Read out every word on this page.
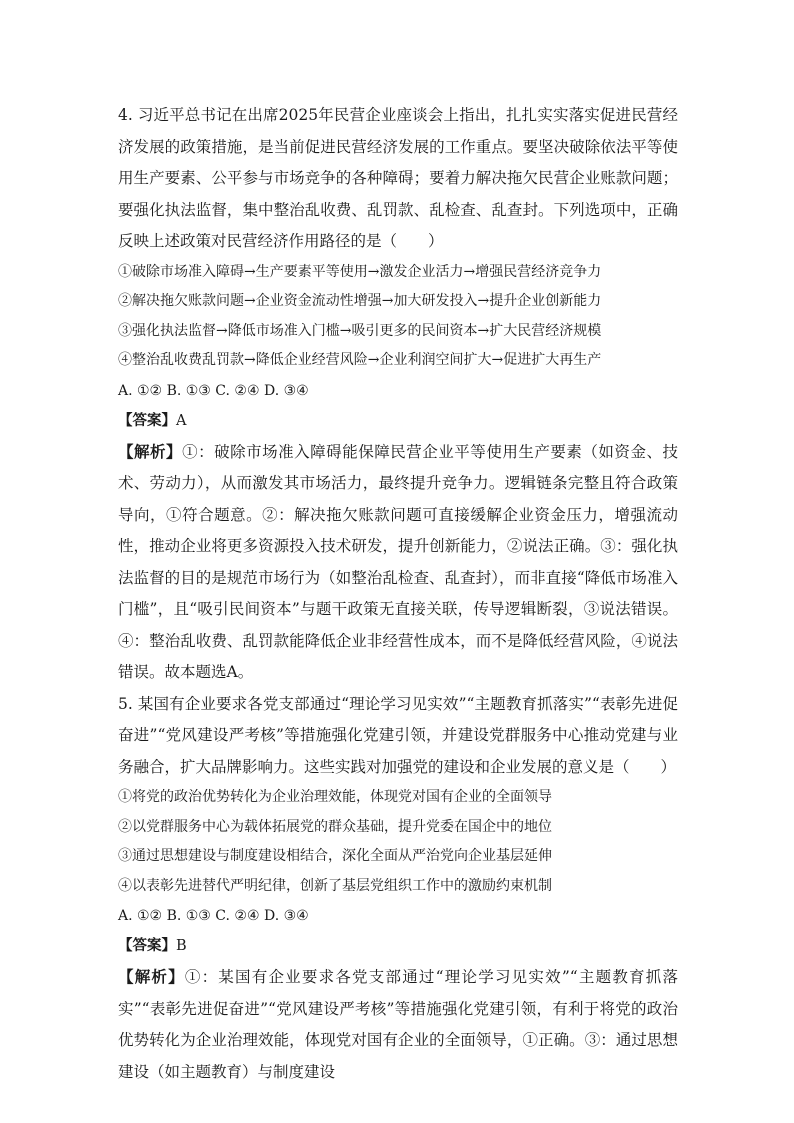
4. 习近平总书记在出席2025年民营企业座谈会上指出，扎扎实实落实促进民营经济发展的政策措施，是当前促进民营经济发展的工作重点。要坚决破除依法平等使用生产要素、公平参与市场竞争的各种障碍；要着力解决拖欠民营企业账款问题；要强化执法监督，集中整治乱收费、乱罚款、乱检查、乱查封。下列选项中，正确反映上述政策对民营经济作用路径的是（　　）

①破除市场准入障碍→生产要素平等使用→激发企业活力→增强民营经济竞争力

②解决拖欠账款问题→企业资金流动性增强→加大研发投入→提升企业创新能力

③强化执法监督→降低市场准入门槛→吸引更多的民间资本→扩大民营经济规模

④整治乱收费乱罚款→降低企业经营风险→企业利润空间扩大→促进扩大再生产

A. ①② B. ①③ C. ②④ D. ③④

【答案】A

【解析】①：破除市场准入障碍能保障民营企业平等使用生产要素（如资金、技术、劳动力），从而激发其市场活力，最终提升竞争力。逻辑链条完整且符合政策导向，①符合题意。②：解决拖欠账款问题可直接缓解企业资金压力，增强流动性，推动企业将更多资源投入技术研发，提升创新能力，②说法正确。③：强化执法监督的目的是规范市场行为（如整治乱检查、乱查封），而非直接“降低市场准入门槛”，且“吸引民间资本”与题干政策无直接关联，传导逻辑断裂，③说法错误。④：整治乱收费、乱罚款能降低企业非经营性成本，而不是降低经营风险，④说法错误。故本题选A。

5. 某国有企业要求各党支部通过“理论学习见实效”“主题教育抓落实”“表彰先进促奋进”“党风建设严考核”等措施强化党建引领，并建设党群服务中心推动党建与业务融合，扩大品牌影响力。这些实践对加强党的建设和企业发展的意义是（　　）

①将党的政治优势转化为企业治理效能，体现党对国有企业的全面领导

②以党群服务中心为载体拓展党的群众基础，提升党委在国企中的地位

③通过思想建设与制度建设相结合，深化全面从严治党向企业基层延伸

④以表彰先进替代严明纪律，创新了基层党组织工作中的激励约束机制

A. ①② B. ①③ C. ②④ D. ③④

【答案】B

【解析】①：某国有企业要求各党支部通过“理论学习见实效”“主题教育抓落实”“表彰先进促奋进”“党风建设严考核”等措施强化党建引领，有利于将党的政治优势转化为企业治理效能，体现党对国有企业的全面领导，①正确。③：通过思想建设（如主题教育）与制度建设
